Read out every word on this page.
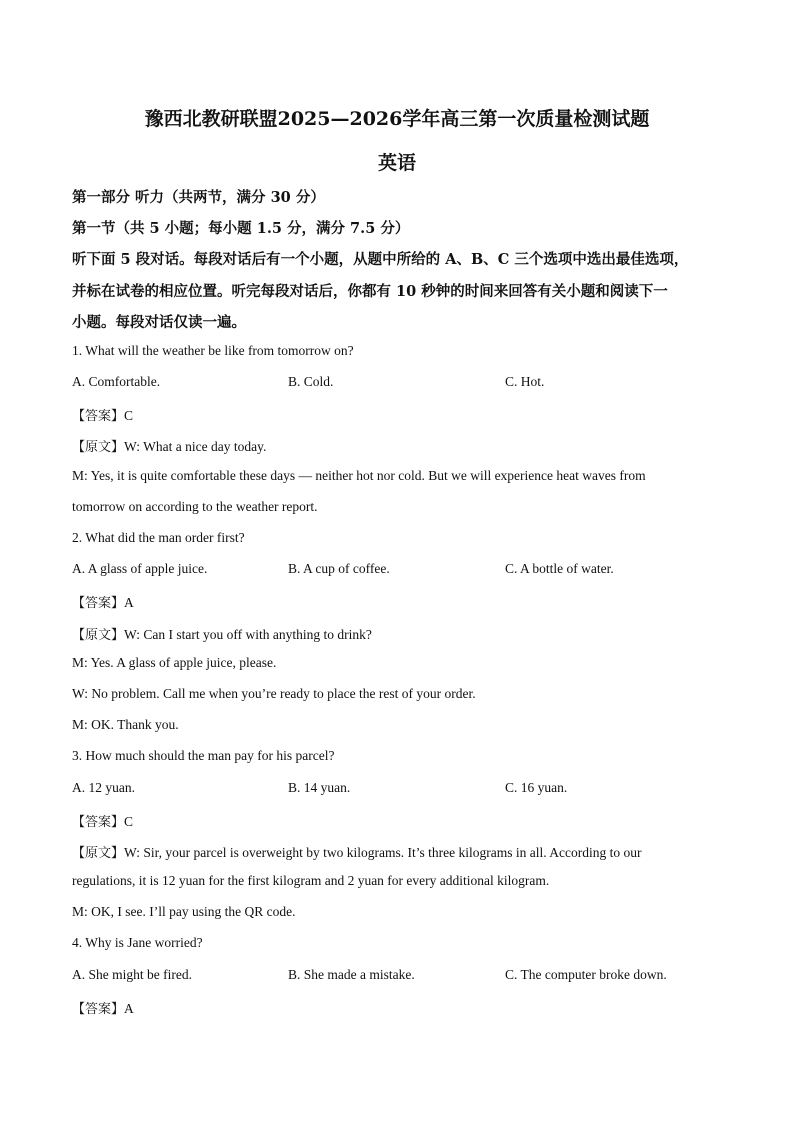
豫西北教研联盟2025—2026学年高三第一次质量检测试题
英语
第一部分 听力（共两节，满分 30 分）
第一节（共 5 小题；每小题 1.5 分，满分 7.5 分）
听下面 5 段对话。每段对话后有一个小题，从题中所给的 A、B、C 三个选项中选出最佳选项，
并标在试卷的相应位置。听完每段对话后，你都有 10 秒钟的时间来回答有关小题和阅读下一
小题。每段对话仅读一遍。
1. What will the weather be like from tomorrow on?
A. Comfortable.	B. Cold.	C. Hot.
【答案】C
【原文】W: What a nice day today.
M: Yes, it is quite comfortable these days — neither hot nor cold. But we will experience heat waves from
tomorrow on according to the weather report.
2. What did the man order first?
A. A glass of apple juice.	B. A cup of coffee.	C. A bottle of water.
【答案】A
【原文】W: Can I start you off with anything to drink?
M: Yes. A glass of apple juice, please.
W: No problem. Call me when you’re ready to place the rest of your order.
M: OK. Thank you.
3. How much should the man pay for his parcel?
A. 12 yuan.	B. 14 yuan.	C. 16 yuan.
【答案】C
【原文】W: Sir, your parcel is overweight by two kilograms. It’s three kilograms in all. According to our
regulations, it is 12 yuan for the first kilogram and 2 yuan for every additional kilogram.
M: OK, I see. I’ll pay using the QR code.
4. Why is Jane worried?
A. She might be fired.	B. She made a mistake.	C. The computer broke down.
【答案】A
